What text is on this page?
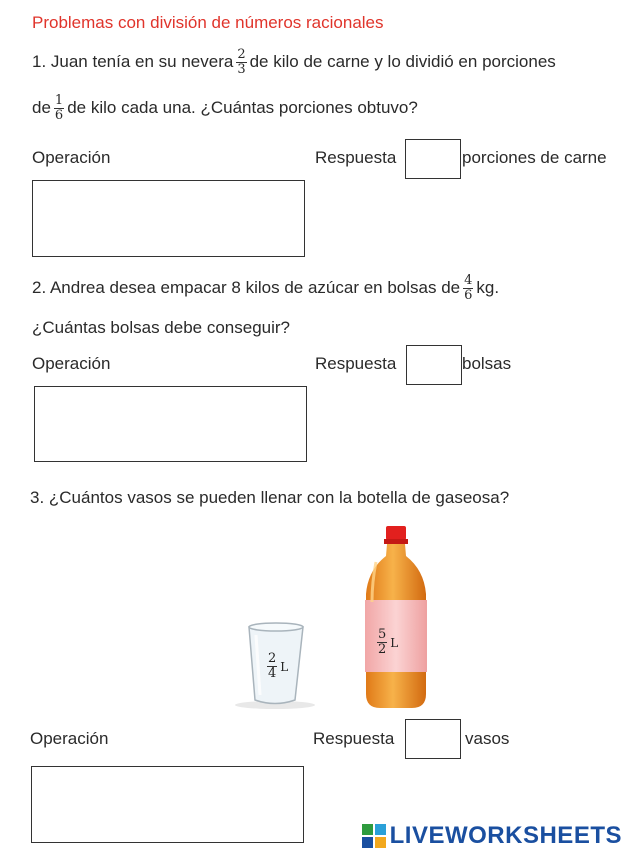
Problemas con división de números racionales
1. Juan tenía en su nevera $\frac{2}{3}$ de kilo de carne y lo dividió en porciones
de $\frac{1}{6}$ de kilo cada una. ¿Cuántas porciones obtuvo?
Operación	Respuesta	porciones de carne
2. Andrea desea empacar 8 kilos de azúcar en bolsas de $\frac{4}{6}$ kg.
¿Cuántas bolsas debe conseguir?
Operación	Respuesta	bolsas
3. ¿Cuántos vasos se pueden llenar con la botella de gaseosa?
$\frac{2}{4}$ L
$\frac{5}{2}$ L
Operación	Respuesta	vasos
LIVEWORKSHEETS
